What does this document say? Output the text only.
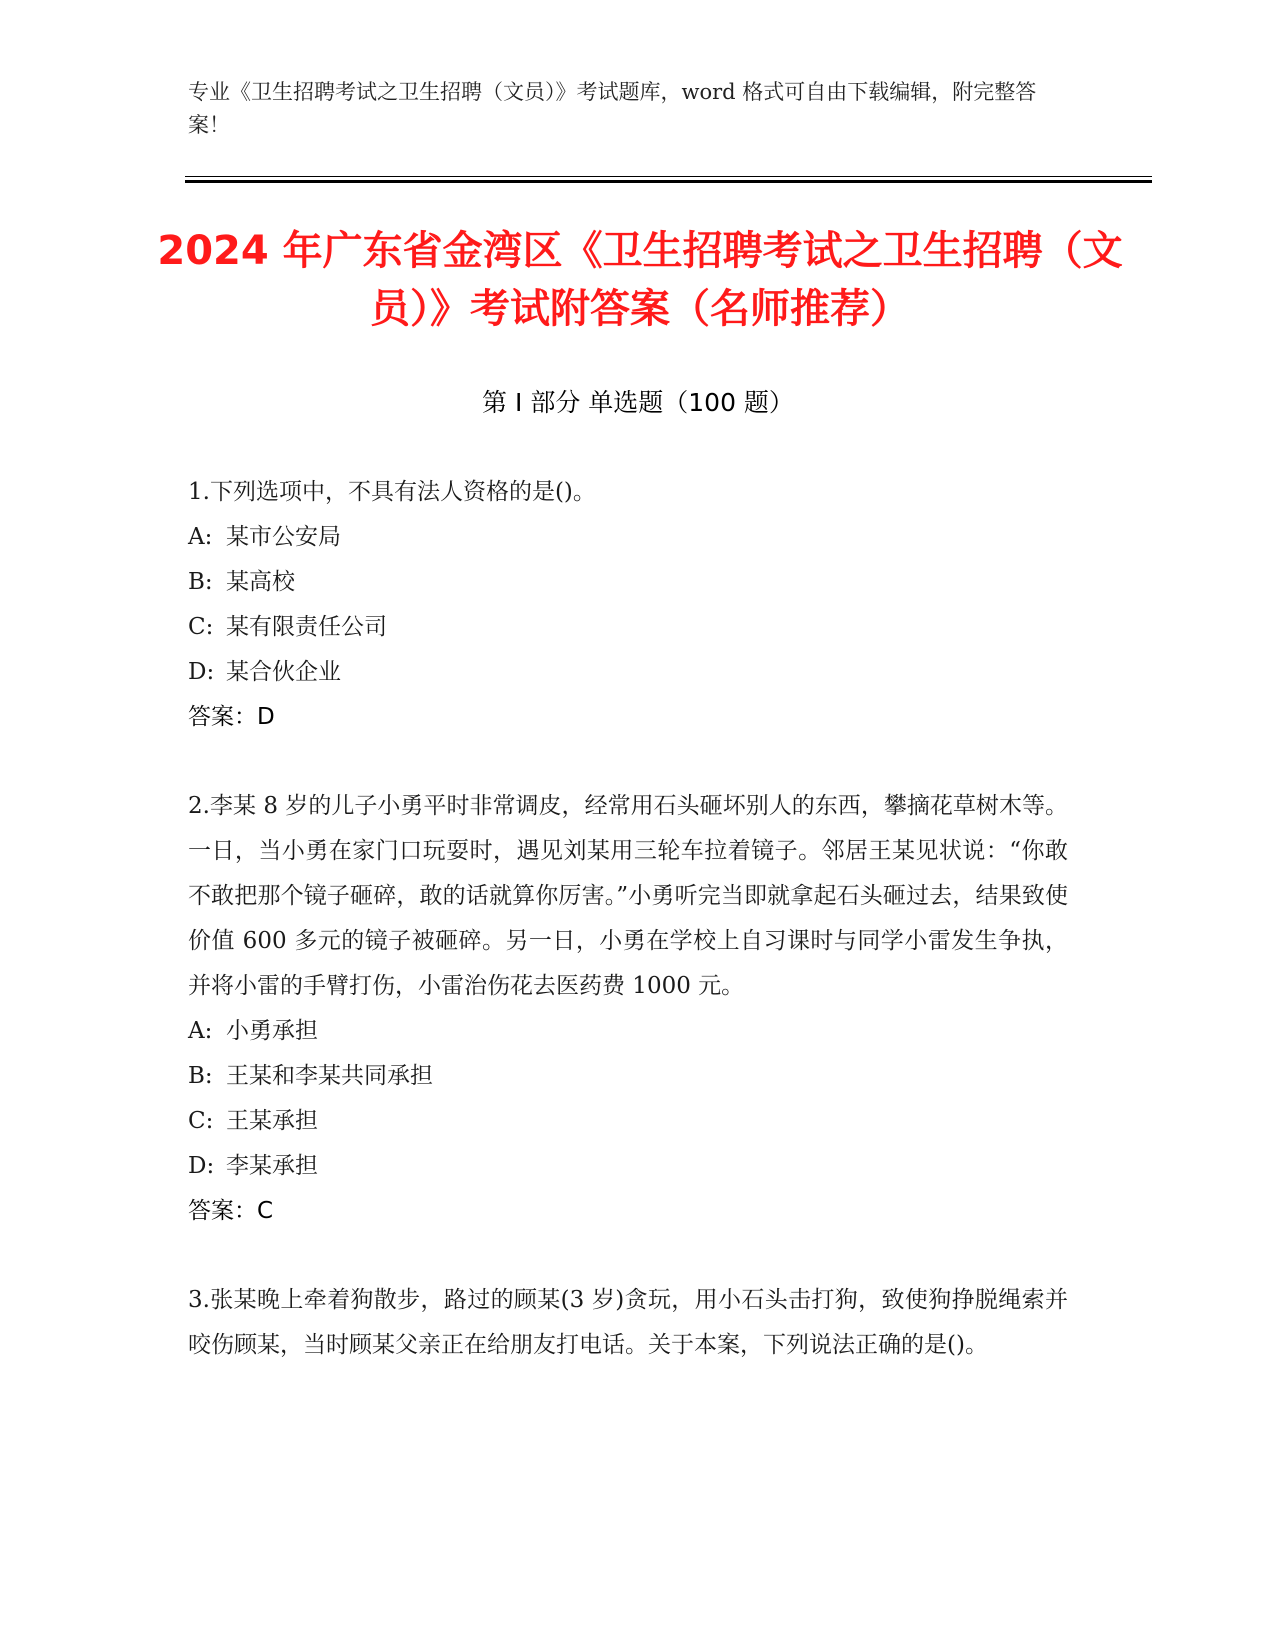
专业《卫生招聘考试之卫生招聘（文员）》考试题库，word 格式可自由下载编辑，附完整答案！
2024 年广东省金湾区《卫生招聘考试之卫生招聘（文员）》考试附答案（名师推荐）
第 I 部分 单选题（100 题）

1.下列选项中，不具有法人资格的是()。

A: 某市公安局

B: 某高校

C: 某有限责任公司

D: 某合伙企业

答案：D

2.李某 8 岁的儿子小勇平时非常调皮，经常用石头砸坏别人的东西，攀摘花草树木等。一日，当小勇在家门口玩耍时，遇见刘某用三轮车拉着镜子。邻居王某见状说：“你敢不敢把那个镜子砸碎，敢的话就算你厉害。”小勇听完当即就拿起石头砸过去，结果致使价值 600 多元的镜子被砸碎。另一日，小勇在学校上自习课时与同学小雷发生争执，并将小雷的手臂打伤，小雷治伤花去医药费 1000 元。

A: 小勇承担

B: 王某和李某共同承担

C: 王某承担

D: 李某承担

答案：C

3.张某晚上牵着狗散步，路过的顾某(3 岁)贪玩，用小石头击打狗，致使狗挣脱绳索并咬伤顾某，当时顾某父亲正在给朋友打电话。关于本案，下列说法正确的是()。
